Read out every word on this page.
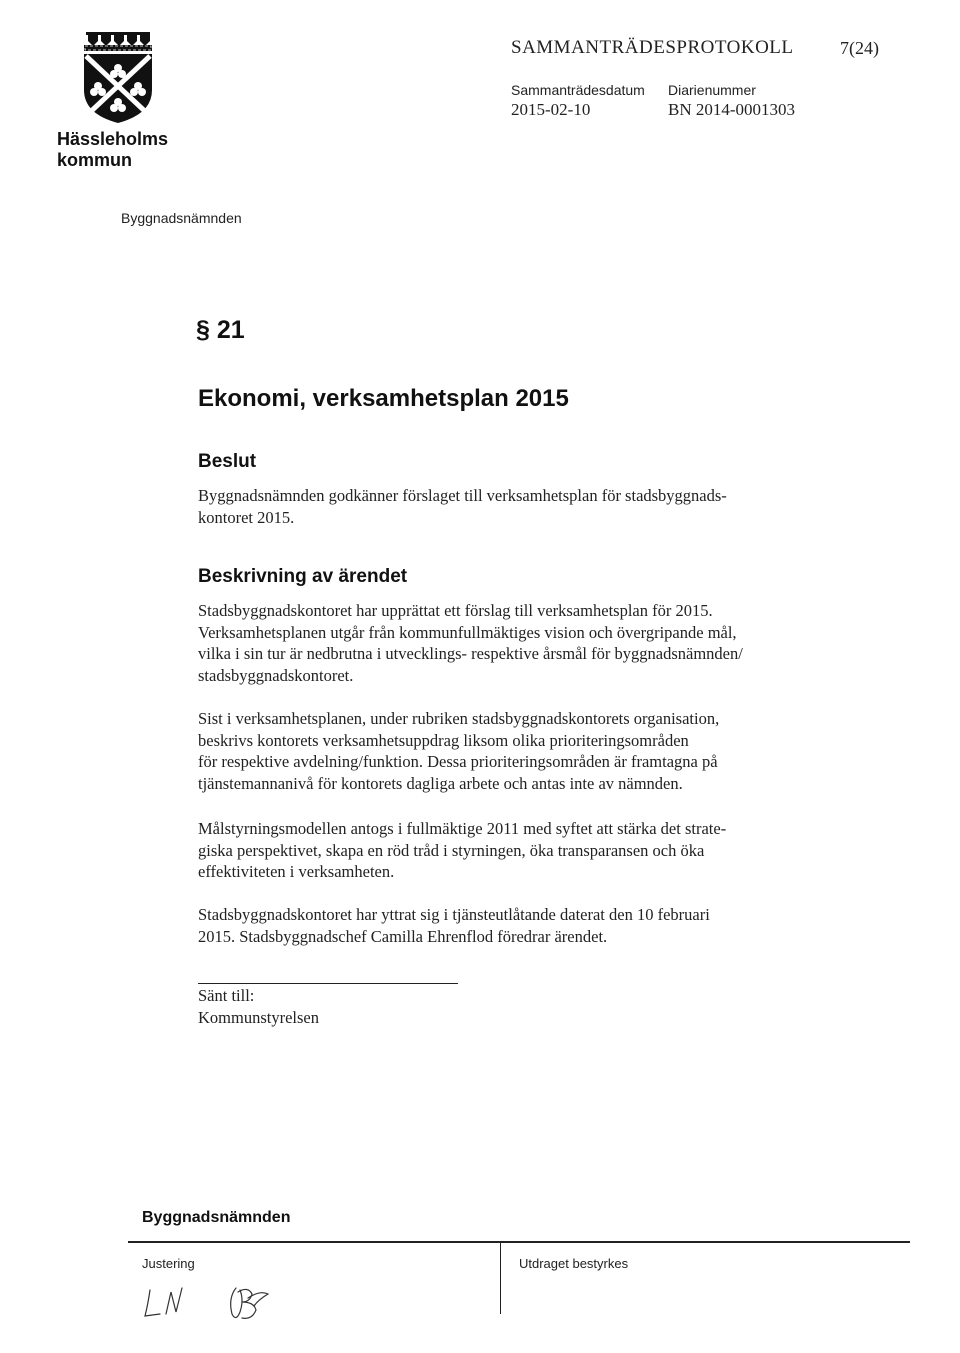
Hässleholms
kommun
SAMMANTRÄDESPROTOKOLL	7(24)
Sammanträdesdatum
2015-02-10
Diarienummer
BN 2014-0001303
Byggnadsnämnden
§ 21
Ekonomi, verksamhetsplan 2015
Beslut
Byggnadsnämnden godkänner förslaget till verksamhetsplan för stadsbyggnads-
kontoret 2015.
Beskrivning av ärendet
Stadsbyggnadskontoret har upprättat ett förslag till verksamhetsplan för 2015.
Verksamhetsplanen utgår från kommunfullmäktiges vision och övergripande mål,
vilka i sin tur är nedbrutna i utvecklings- respektive årsmål för byggnadsnämnden/
stadsbyggnadskontoret.
Sist i verksamhetsplanen, under rubriken stadsbyggnadskontorets organisation,
beskrivs kontorets verksamhetsuppdrag liksom olika prioriteringsområden
för respektive avdelning/funktion. Dessa prioriteringsområden är framtagna på
tjänstemannanivå för kontorets dagliga arbete och antas inte av nämnden.
Målstyrningsmodellen antogs i fullmäktige 2011 med syftet att stärka det strate-
giska perspektivet, skapa en röd tråd i styrningen, öka transparansen och öka
effektiviteten i verksamheten.
Stadsbyggnadskontoret har yttrat sig i tjänsteutlåtande daterat den 10 februari
2015. Stadsbyggnadschef Camilla Ehrenflod föredrar ärendet.
Sänt till:
Kommunstyrelsen
Byggnadsnämnden
Justering	Utdraget bestyrkes
